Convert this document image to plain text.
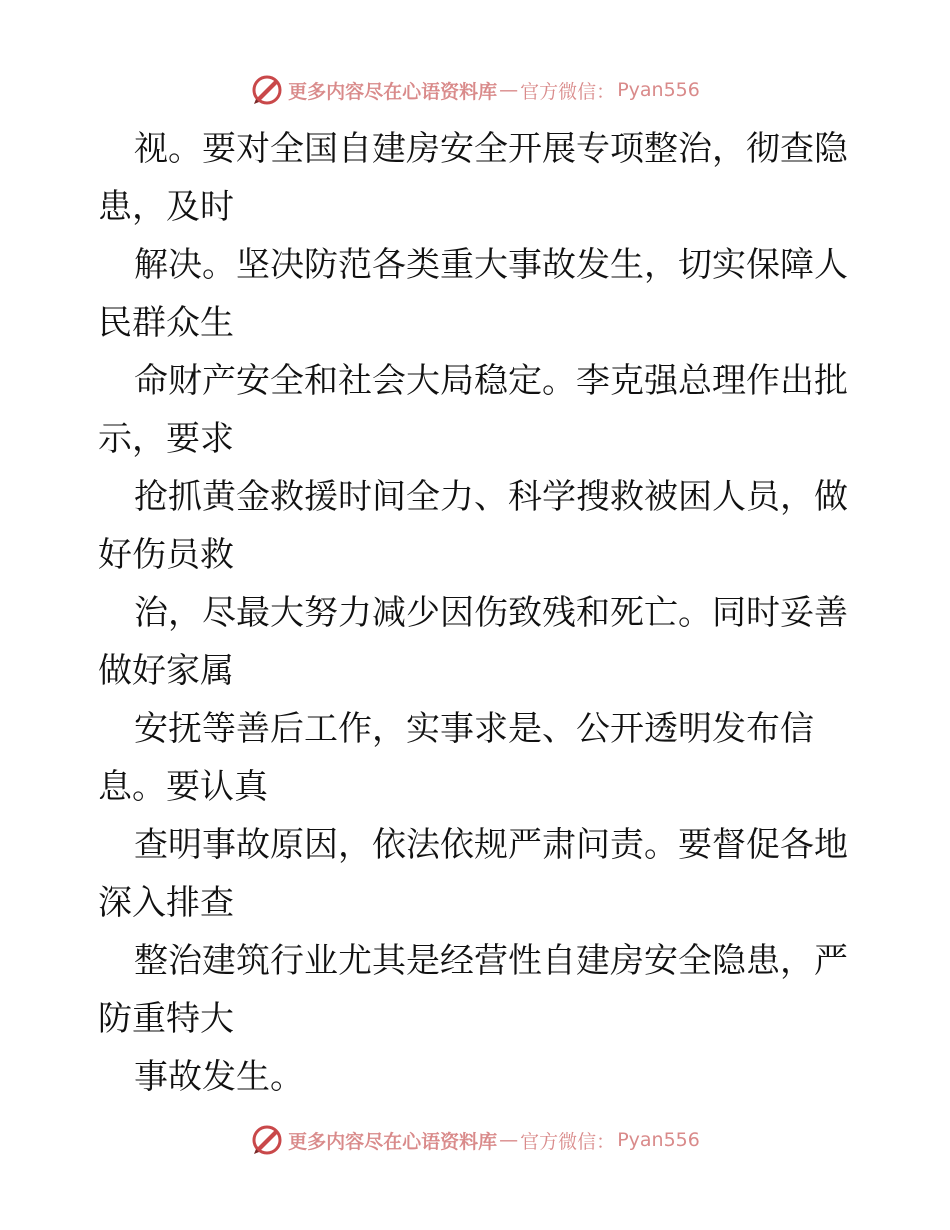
更多内容尽在心语资料库 — 官方微信： Pyan556
视。要对全国自建房安全开展专项整治，彻查隐
患，及时
解决。坚决防范各类重大事故发生，切实保障人
民群众生
命财产安全和社会大局稳定。李克强总理作出批
示，要求
抢抓黄金救援时间全力、科学搜救被困人员，做
好伤员救
治，尽最大努力减少因伤致残和死亡。同时妥善
做好家属
安抚等善后工作，实事求是、公开透明发布信
息。要认真
查明事故原因，依法依规严肃问责。要督促各地
深入排查
整治建筑行业尤其是经营性自建房安全隐患，严
防重特大
事故发生。
更多内容尽在心语资料库 — 官方微信： Pyan556
